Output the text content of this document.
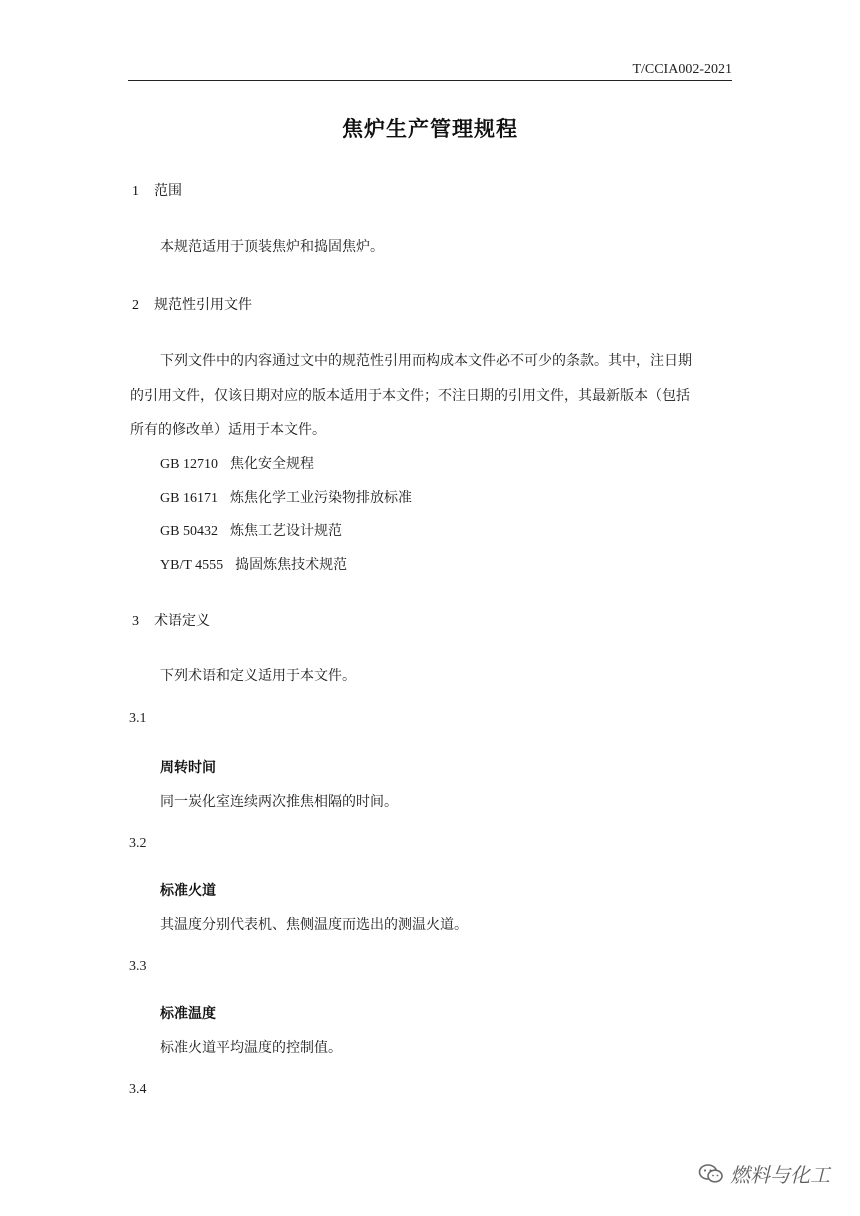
T/CCIA002-2021
焦炉生产管理规程
1 范围
本规范适用于顶装焦炉和捣固焦炉。
2 规范性引用文件
下列文件中的内容通过文中的规范性引用而构成本文件必不可少的条款。其中，注日期
的引用文件，仅该日期对应的版本适用于本文件；不注日期的引用文件，其最新版本（包括
所有的修改单）适用于本文件。
GB 12710 焦化安全规程
GB 16171 炼焦化学工业污染物排放标准
GB 50432 炼焦工艺设计规范
YB/T 4555 捣固炼焦技术规范
3 术语定义
下列术语和定义适用于本文件。
3.1
周转时间
同一炭化室连续两次推焦相隔的时间。
3.2
标准火道
其温度分别代表机、焦侧温度而选出的测温火道。
3.3
标准温度
标准火道平均温度的控制值。
3.4
燃料与化工
